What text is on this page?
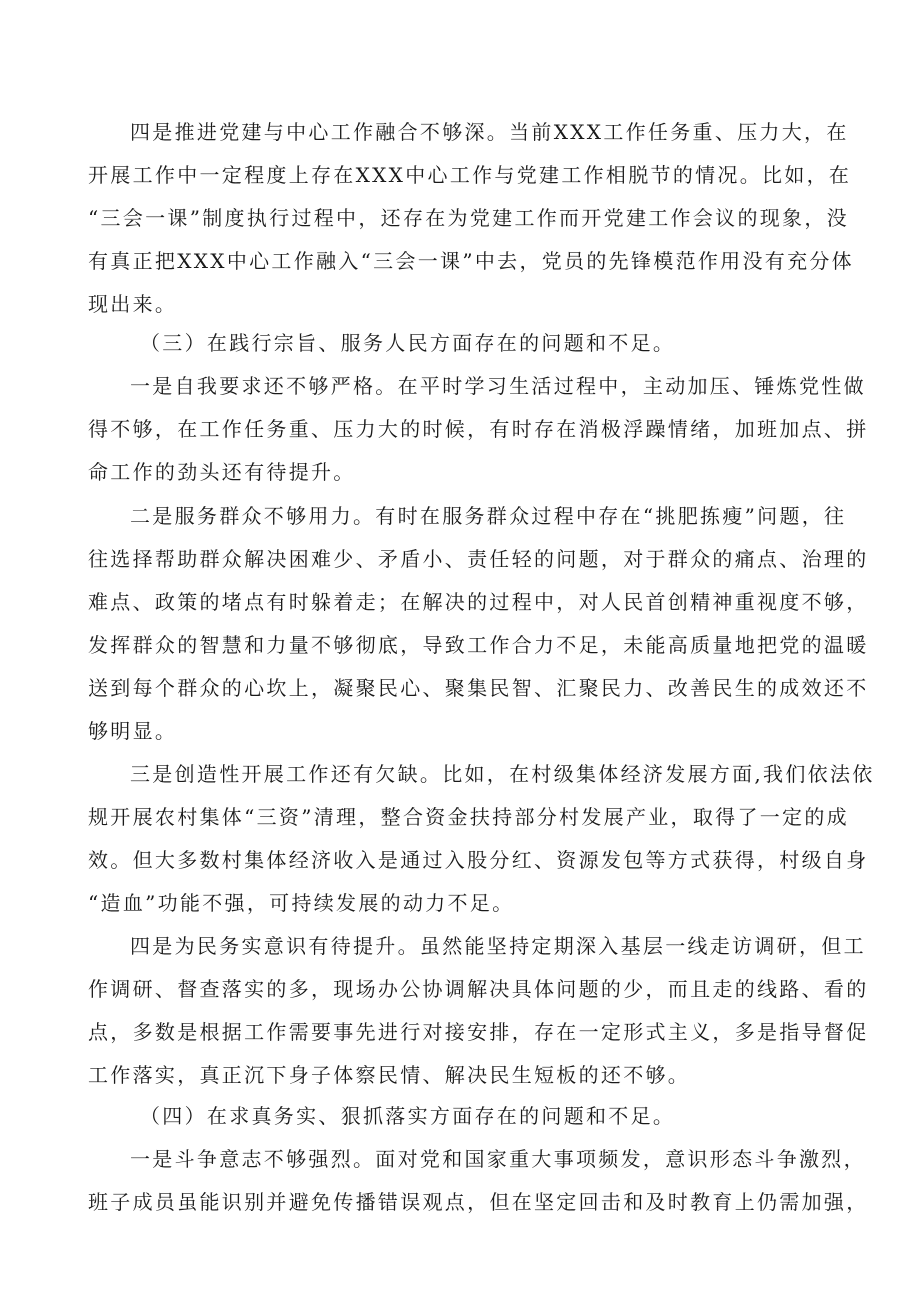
四是推进党建与中心工作融合不够深。当前XXX工作任务重、压力大，在
开展工作中一定程度上存在XXX中心工作与党建工作相脱节的情况。比如，在
“三会一课”制度执行过程中，还存在为党建工作而开党建工作会议的现象，没
有真正把XXX中心工作融入“三会一课”中去，党员的先锋模范作用没有充分体
现出来。
（三）在践行宗旨、服务人民方面存在的问题和不足。
一是自我要求还不够严格。在平时学习生活过程中，主动加压、锤炼党性做
得不够，在工作任务重、压力大的时候，有时存在消极浮躁情绪，加班加点、拼
命工作的劲头还有待提升。
二是服务群众不够用力。有时在服务群众过程中存在“挑肥拣瘦”问题，往
往选择帮助群众解决困难少、矛盾小、责任轻的问题，对于群众的痛点、治理的
难点、政策的堵点有时躲着走；在解决的过程中，对人民首创精神重视度不够，
发挥群众的智慧和力量不够彻底，导致工作合力不足，未能高质量地把党的温暖
送到每个群众的心坎上，凝聚民心、聚集民智、汇聚民力、改善民生的成效还不
够明显。
三是创造性开展工作还有欠缺。比如，在村级集体经济发展方面,我们依法依
规开展农村集体“三资”清理，整合资金扶持部分村发展产业，取得了一定的成
效。但大多数村集体经济收入是通过入股分红、资源发包等方式获得，村级自身
“造血”功能不强，可持续发展的动力不足。
四是为民务实意识有待提升。虽然能坚持定期深入基层一线走访调研，但工
作调研、督查落实的多，现场办公协调解决具体问题的少，而且走的线路、看的
点，多数是根据工作需要事先进行对接安排，存在一定形式主义，多是指导督促
工作落实，真正沉下身子体察民情、解决民生短板的还不够。
（四）在求真务实、狠抓落实方面存在的问题和不足。
一是斗争意志不够强烈。面对党和国家重大事项频发，意识形态斗争激烈，
班子成员虽能识别并避免传播错误观点，但在坚定回击和及时教育上仍需加强，
